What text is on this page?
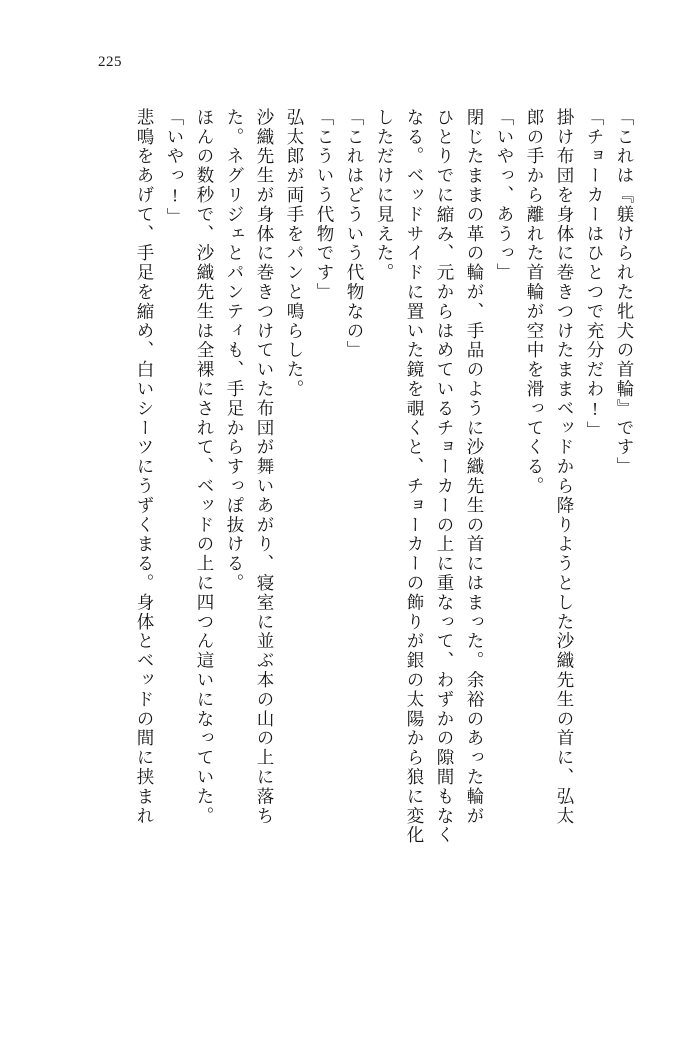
225
「これは『躾けられた牝犬の首輪』です」
「チョーカーはひとつで充分だわ!」
掛け布団を身体に巻きつけたままベッドから降りようとした沙織先生の首に、弘太
郎の手から離れた首輪が空中を滑ってくる。
「いやっ、あうっ」
閉じたままの革の輪が、手品のように沙織先生の首にはまった。余裕のあった輪が
ひとりでに縮み、元からはめているチョーカーの上に重なって、わずかの隙間もなく
なる。ベッドサイドに置いた鏡を覗くと、チョーカーの飾りが銀の太陽から狼に変化
しただけに見えた。
「これはどういう代物なの」
「こういう代物です」
弘太郎が両手をパンと鳴らした。
沙織先生が身体に巻きつけていた布団が舞いあがり、寝室に並ぶ本の山の上に落ち
た。ネグリジェとパンティも、手足からすっぽ抜ける。
ほんの数秒で、沙織先生は全裸にされて、ベッドの上に四つん這いになっていた。
「いやっ!」
悲鳴をあげて、手足を縮め、白いシーツにうずくまる。身体とベッドの間に挟まれ
